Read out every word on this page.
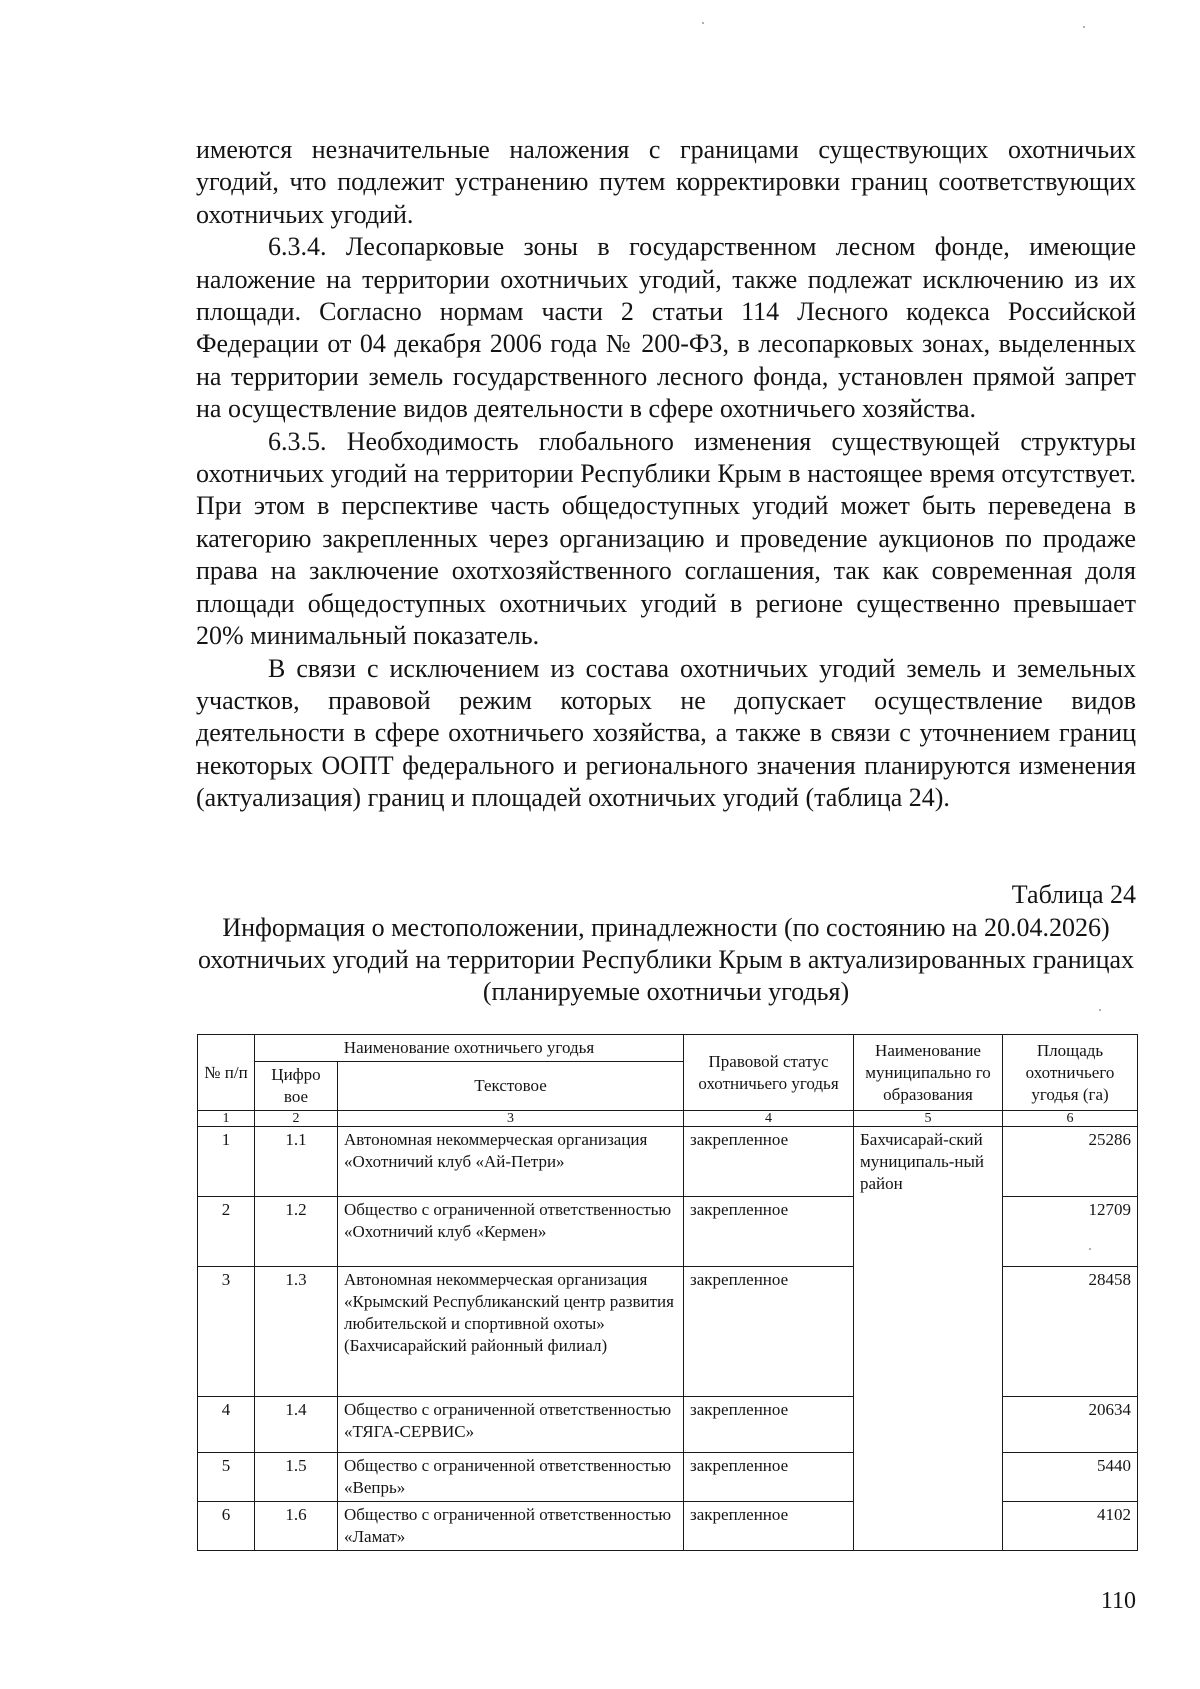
имеются незначительные наложения с границами существующих охотничьих угодий, что подлежит устранению путем корректировки границ соответствующих охотничьих угодий.

6.3.4. Лесопарковые зоны в государственном лесном фонде, имеющие наложение на территории охотничьих угодий, также подлежат исключению из их площади. Согласно нормам части 2 статьи 114 Лесного кодекса Российской Федерации от 04 декабря 2006 года № 200-ФЗ, в лесопарковых зонах, выделенных на территории земель государственного лесного фонда, установлен прямой запрет на осуществление видов деятельности в сфере охотничьего хозяйства.

6.3.5. Необходимость глобального изменения существующей структуры охотничьих угодий на территории Республики Крым в настоящее время отсутствует. При этом в перспективе часть общедоступных угодий может быть переведена в категорию закрепленных через организацию и проведение аукционов по продаже права на заключение охотхозяйственного соглашения, так как современная доля площади общедоступных охотничьих угодий в регионе существенно превышает 20% минимальный показатель.

В связи с исключением из состава охотничьих угодий земель и земельных участков, правовой режим которых не допускает осуществление видов деятельности в сфере охотничьего хозяйства, а также в связи с уточнением границ некоторых ООПТ федерального и регионального значения планируются изменения (актуализация) границ и площадей охотничьих угодий (таблица 24).

Таблица 24
Информация о местоположении, принадлежности (по состоянию на 20.04.2026) охотничьих угодий на территории Республики Крым в актуализированных границах (планируемые охотничьи угодья)
№ п/п	Наименование охотничьего угодья		Правовой статус охотничьего угодья	Наименование муниципально го образования	Площадь охотничьего угодья (га)
	Цифро вое	Текстовое			
1	2	3	4	5	6
1	1.1	Автономная некоммерческая организация «Охотничий клуб «Ай-Петри»	закрепленное	Бахчисарай-ский муниципаль-ный район	25286
2	1.2	Общество с ограниченной ответственностью «Охотничий клуб «Кермен»	закрепленное		12709
3	1.3	Автономная некоммерческая организация «Крымский Республиканский центр развития любительской и спортивной охоты» (Бахчисарайский районный филиал)	закрепленное		28458
4	1.4	Общество с ограниченной ответственностью «ТЯГА-СЕРВИС»	закрепленное		20634
5	1.5	Общество с ограниченной ответственностью «Вепрь»	закрепленное		5440
6	1.6	Общество с ограниченной ответственностью «Ламат»	закрепленное		4102
110
